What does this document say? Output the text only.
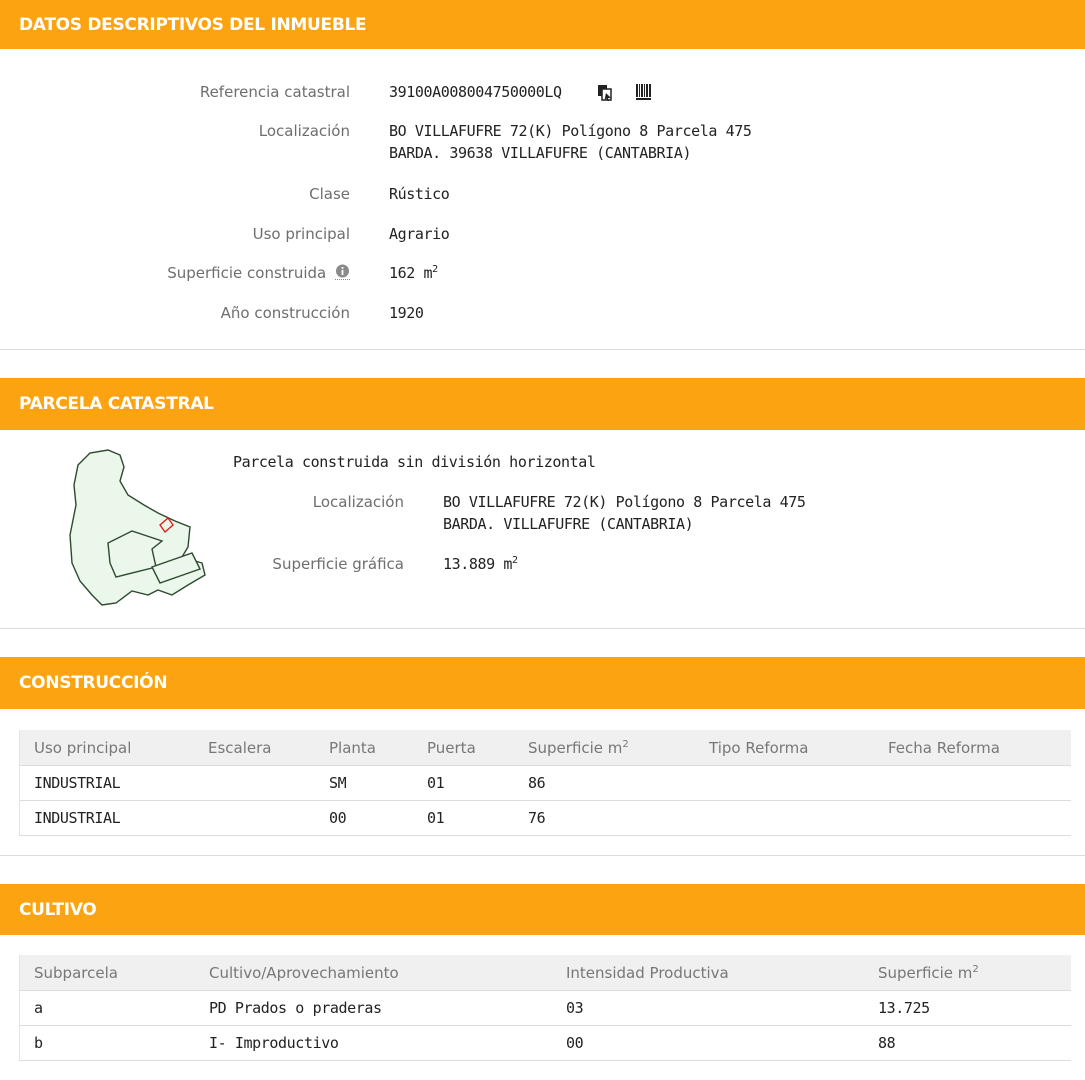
DATOS DESCRIPTIVOS DEL INMUEBLE
Referencia catastral	39100A008004750000LQ
Localización	BO VILLAFUFRE 72(K) Polígono 8 Parcela 475
BARDA. 39638 VILLAFUFRE (CANTABRIA)
Clase	Rústico
Uso principal	Agrario
Superficie construida	162 $m^2$
Año construcción	1920
PARCELA CATASTRAL
Parcela construida sin división horizontal
Localización	BO VILLAFUFRE 72(K) Polígono 8 Parcela 475
BARDA. VILLAFUFRE (CANTABRIA)
Superficie gráfica	13.889 $m^2$
CONSTRUCCIÓN
Uso principal	Escalera	Planta	Puerta	Superficie $m^2$	Tipo Reforma	Fecha Reforma
INDUSTRIAL		SM	01	86		
INDUSTRIAL		00	01	76		
CULTIVO
Subparcela	Cultivo/Aprovechamiento	Intensidad Productiva	Superficie $m^2$
a	PD Prados o praderas	03	13.725
b	I- Improductivo	00	88
